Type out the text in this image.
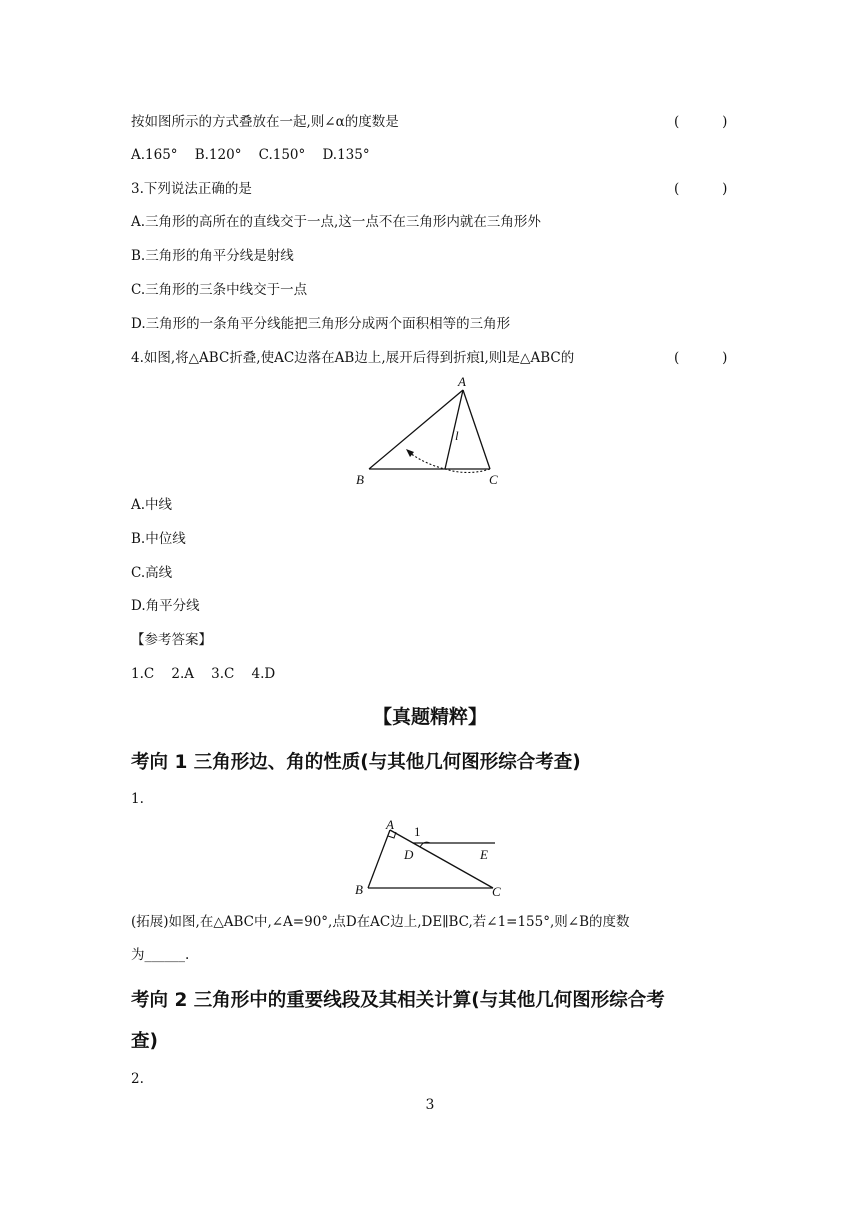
按如图所示的方式叠放在一起,则∠α的度数是	(          )
A.165°    B.120°    C.150°    D.135°
3.下列说法正确的是	(          )
A.三角形的高所在的直线交于一点,这一点不在三角形内就在三角形外
B.三角形的角平分线是射线
C.三角形的三条中线交于一点
D.三角形的一条角平分线能把三角形分成两个面积相等的三角形
4.如图,将△ABC折叠,使AC边落在AB边上,展开后得到折痕l,则l是△ABC的	(          )
A
B	C
l
A.中线
B.中位线
C.高线
D.角平分线
【参考答案】
1.C    2.A    3.C    4.D
【真题精粹】
考向 1 三角形边、角的性质(与其他几何图形综合考查)
1.
A
B	C
D	E
1
(拓展)如图,在△ABC中,∠A=90°,点D在AC边上,DE∥BC,若∠1=155°,则∠B的度数
为______.
考向 2 三角形中的重要线段及其相关计算(与其他几何图形综合考
查)
2.
3
